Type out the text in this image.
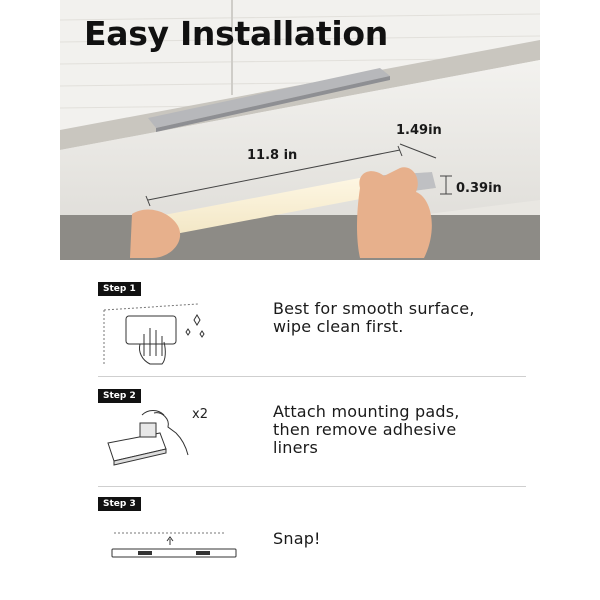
Easy Installation
11.8 in
1.49in
0.39in
Step 1
Best for smooth surface,
wipe clean first.
Step 2
x2	Attach mounting pads,
then remove adhesive
liners
Step 3
Snap!
